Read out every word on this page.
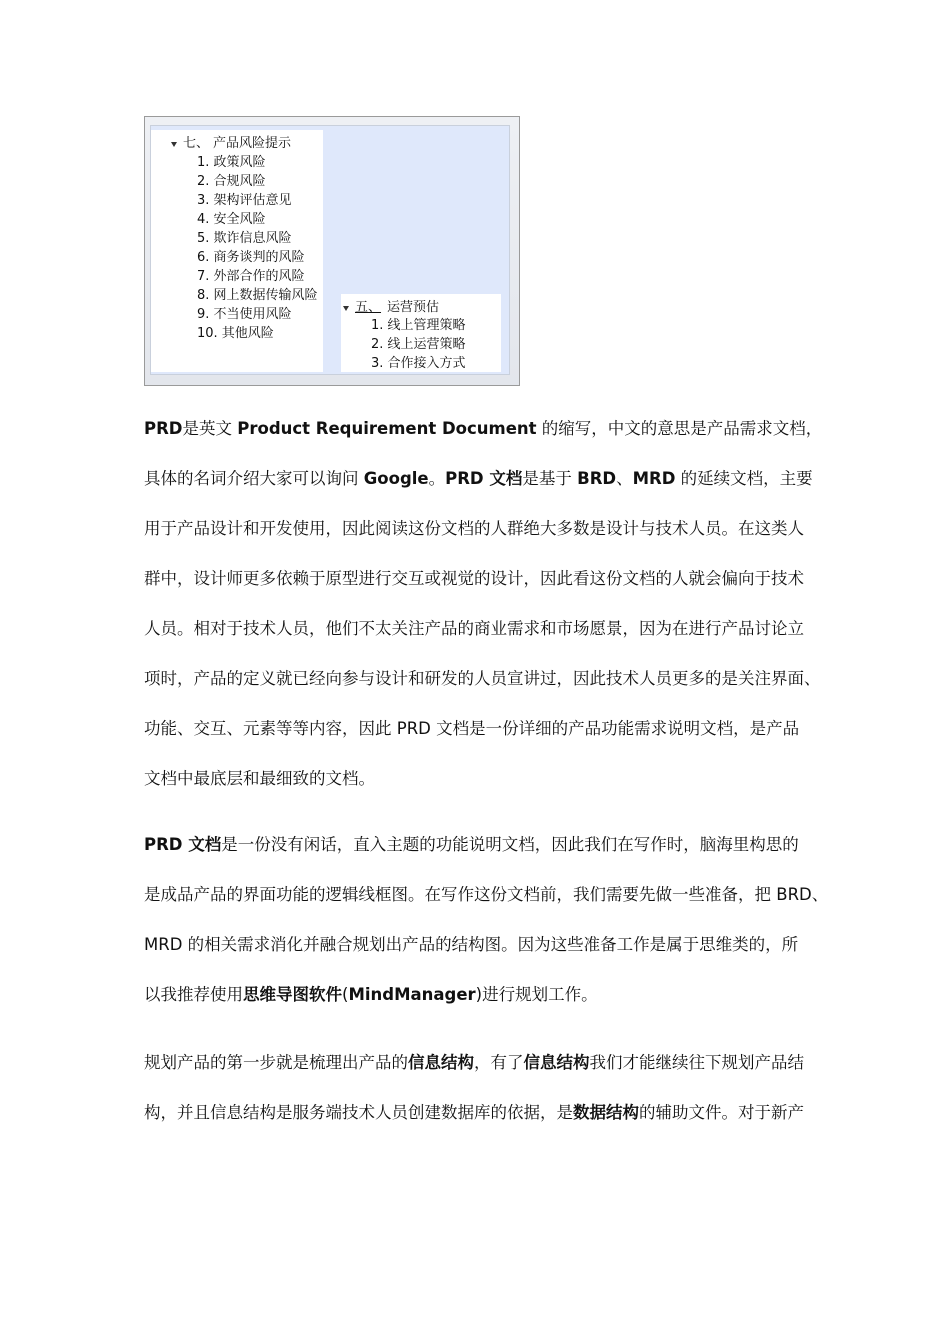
七、 产品风险提示
1. 政策风险
2. 合规风险
3. 架构评估意见
4. 安全风险
5. 欺诈信息风险
6. 商务谈判的风险
7. 外部合作的风险
8. 网上数据传输风险
9. 不当使用风险
10. 其他风险
五、 运营预估
1. 线上管理策略
2. 线上运营策略
3. 合作接入方式
PRD是英文 Product Requirement Document 的缩写，中文的意思是产品需求文档，
具体的名词介绍大家可以询问 Google。PRD 文档是基于 BRD、MRD 的延续文档，主要
用于产品设计和开发使用，因此阅读这份文档的人群绝大多数是设计与技术人员。在这类人
群中，设计师更多依赖于原型进行交互或视觉的设计，因此看这份文档的人就会偏向于技术
人员。相对于技术人员，他们不太关注产品的商业需求和市场愿景，因为在进行产品讨论立
项时，产品的定义就已经向参与设计和研发的人员宣讲过，因此技术人员更多的是关注界面、
功能、交互、元素等等内容，因此 PRD 文档是一份详细的产品功能需求说明文档，是产品
文档中最底层和最细致的文档。
PRD 文档是一份没有闲话，直入主题的功能说明文档，因此我们在写作时，脑海里构思的
是成品产品的界面功能的逻辑线框图。在写作这份文档前，我们需要先做一些准备，把 BRD、
MRD 的相关需求消化并融合规划出产品的结构图。因为这些准备工作是属于思维类的，所
以我推荐使用思维导图软件(MindManager)进行规划工作。
规划产品的第一步就是梳理出产品的信息结构，有了信息结构我们才能继续往下规划产品结
构，并且信息结构是服务端技术人员创建数据库的依据，是数据结构的辅助文件。对于新产
